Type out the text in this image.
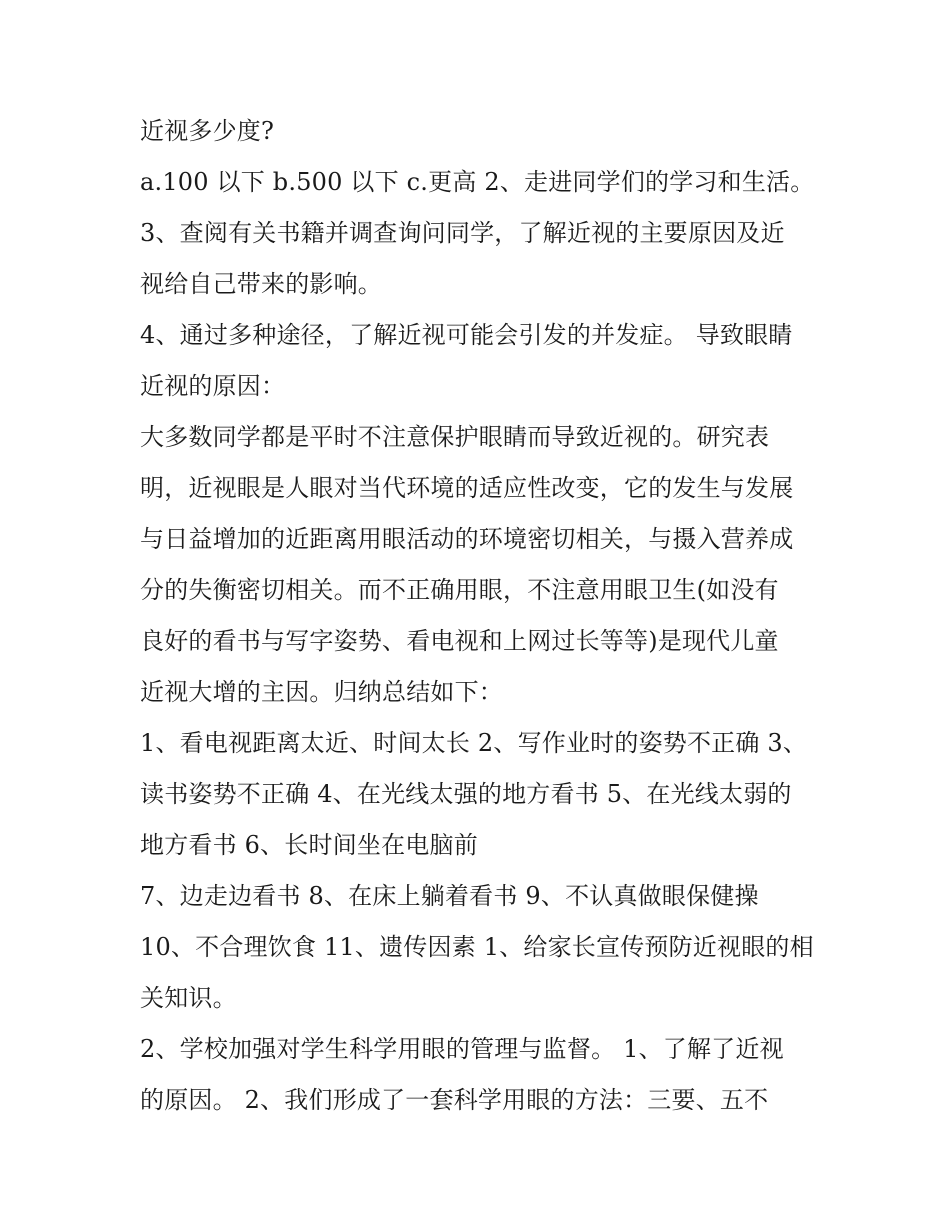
近视多少度?
a.100 以下 b.500 以下 c.更高 2、走进同学们的学习和生活。
3、查阅有关书籍并调查询问同学，了解近视的主要原因及近
视给自己带来的影响。
4、通过多种途径，了解近视可能会引发的并发症。 导致眼睛
近视的原因：
大多数同学都是平时不注意保护眼睛而导致近视的。研究表
明，近视眼是人眼对当代环境的适应性改变，它的发生与发展
与日益增加的近距离用眼活动的环境密切相关，与摄入营养成
分的失衡密切相关。而不正确用眼，不注意用眼卫生(如没有
良好的看书与写字姿势、看电视和上网过长等等)是现代儿童
近视大增的主因。归纳总结如下：
1、看电视距离太近、时间太长 2、写作业时的姿势不正确 3、
读书姿势不正确 4、在光线太强的地方看书 5、在光线太弱的
地方看书 6、长时间坐在电脑前
7、边走边看书 8、在床上躺着看书 9、不认真做眼保健操
10、不合理饮食 11、遗传因素 1、给家长宣传预防近视眼的相
关知识。
2、学校加强对学生科学用眼的管理与监督。 1、了解了近视
的原因。 2、我们形成了一套科学用眼的方法：三要、五不
